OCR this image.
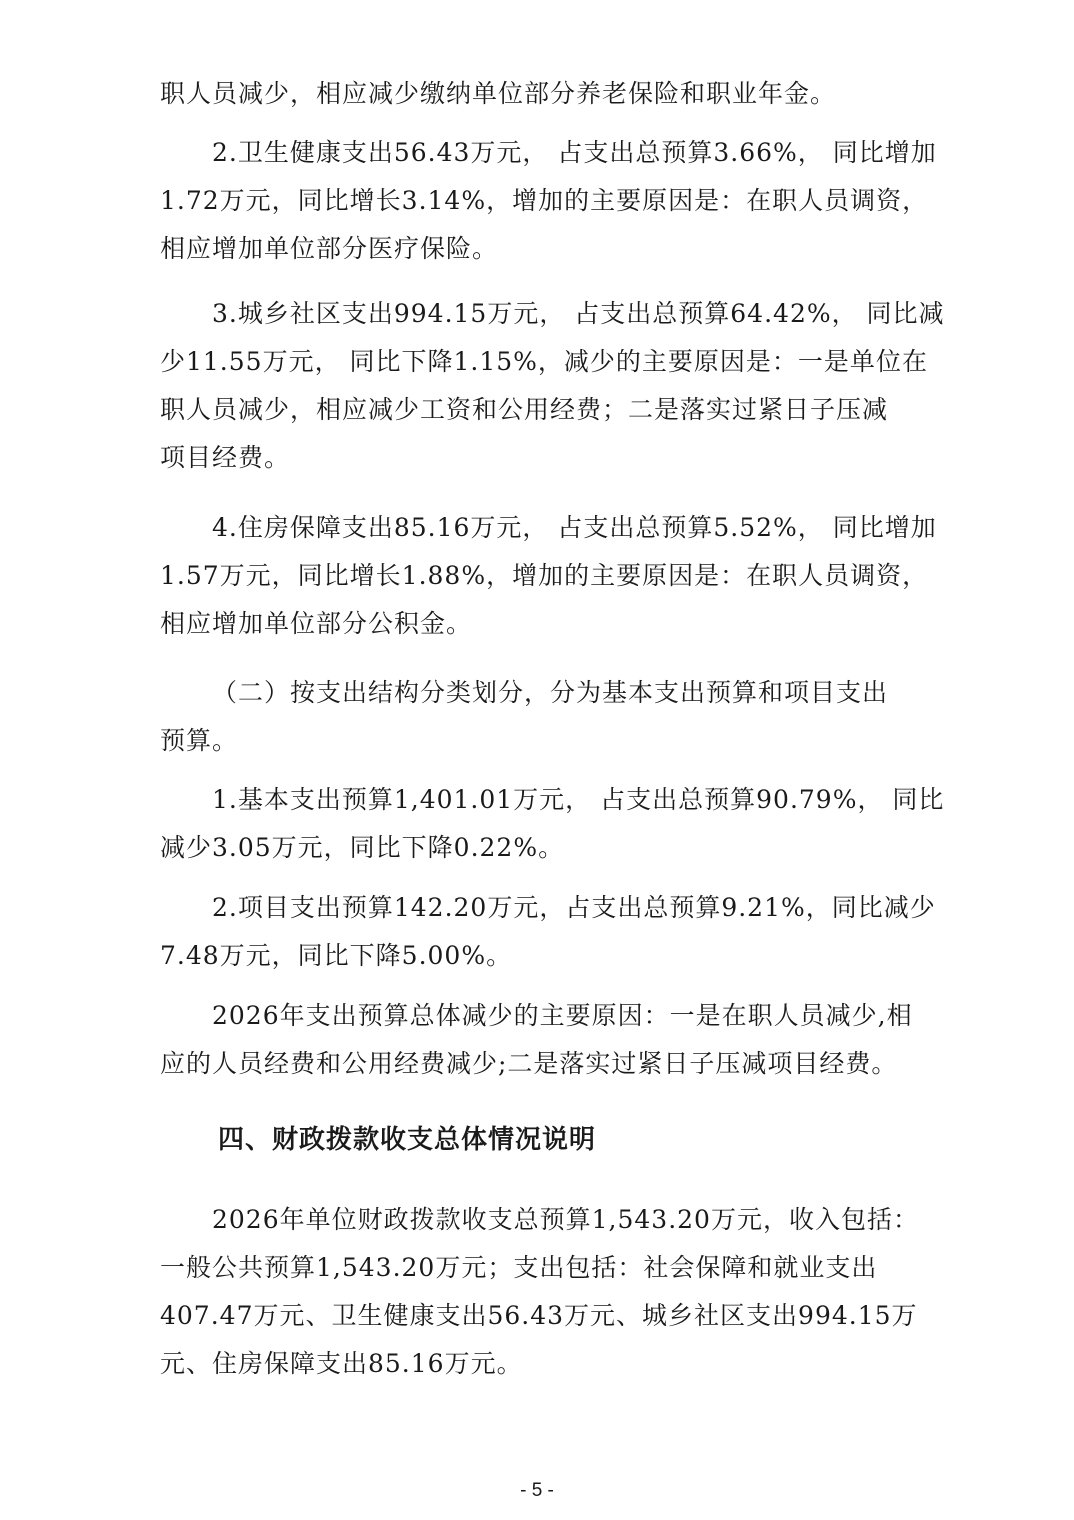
职人员减少，相应减少缴纳单位部分养老保险和职业年金。
2.卫生健康支出56.43万元， 占支出总预算3.66%， 同比增加
1.72万元，同比增长3.14%，增加的主要原因是：在职人员调资，
相应增加单位部分医疗保险。
3.城乡社区支出994.15万元， 占支出总预算64.42%， 同比减
少11.55万元， 同比下降1.15%，减少的主要原因是：一是单位在
职人员减少，相应减少工资和公用经费；二是落实过紧日子压减
项目经费。
4.住房保障支出85.16万元， 占支出总预算5.52%， 同比增加
1.57万元，同比增长1.88%，增加的主要原因是：在职人员调资，
相应增加单位部分公积金。
（二）按支出结构分类划分，分为基本支出预算和项目支出
预算。
1.基本支出预算1,401.01万元， 占支出总预算90.79%， 同比
减少3.05万元，同比下降0.22%。
2.项目支出预算142.20万元，占支出总预算9.21%，同比减少
7.48万元，同比下降5.00%。
2026年支出预算总体减少的主要原因：一是在职人员减少,相
应的人员经费和公用经费减少;二是落实过紧日子压减项目经费。
四、财政拨款收支总体情况说明
2026年单位财政拨款收支总预算1,543.20万元，收入包括：
一般公共预算1,543.20万元；支出包括：社会保障和就业支出
407.47万元、卫生健康支出56.43万元、城乡社区支出994.15万
元、住房保障支出85.16万元。
- 5 -
